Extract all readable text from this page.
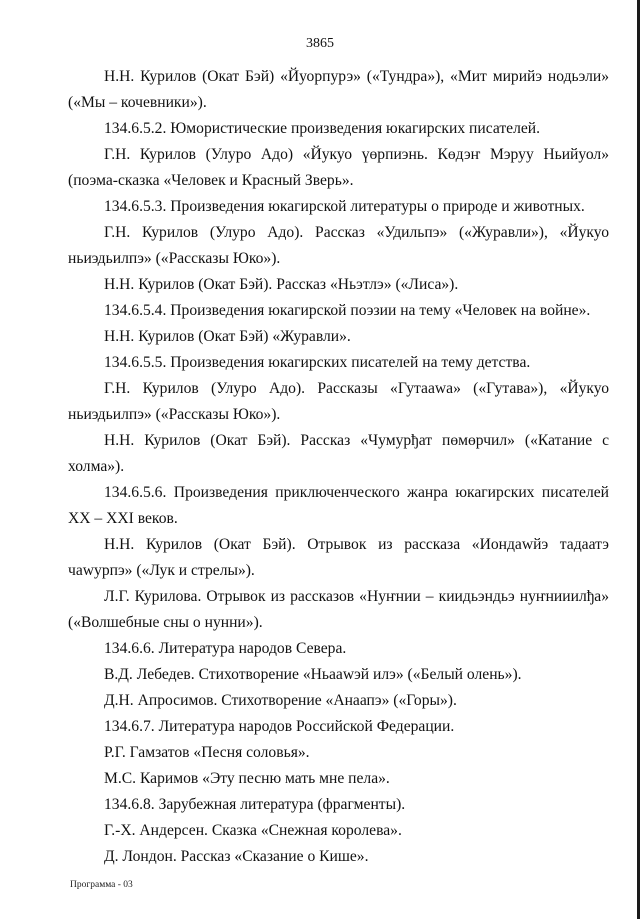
3865

Н.Н. Курилов (Окат Бэй) «Йуорпурэ» («Тундра»), «Мит мирийэ нодьэли» («Мы – кочевники»).

134.6.5.2. Юмористические произведения юкагирских писателей.

Г.Н. Курилов (Улуро Адо) «Йукуо үөрпиэнь. Көдэҥ Мэруу Ньийуол» (поэма-сказка «Человек и Красный Зверь».

134.6.5.3. Произведения юкагирской литературы о природе и животных.

Г.Н. Курилов (Улуро Адо). Рассказ «Удильпэ» («Журавли»), «Йукуо ньиэдьилпэ» («Рассказы Юко»).

Н.Н. Курилов (Окат Бэй). Рассказ «Ньэтлэ» («Лиса»).

134.6.5.4. Произведения юкагирской поэзии на тему «Человек на войне».

Н.Н. Курилов (Окат Бэй) «Журавли».

134.6.5.5. Произведения юкагирских писателей на тему детства.

Г.Н. Курилов (Улуро Адо). Рассказы «Гутаawа» («Гутава»), «Йукуо ньиэдьилпэ» («Рассказы Юко»).

Н.Н. Курилов (Окат Бэй). Рассказ «Чумурђат пөмөрчил» («Катание с холма»).

134.6.5.6. Произведения приключенческого жанра юкагирских писателей XX – XXI веков.

Н.Н. Курилов (Окат Бэй). Отрывок из рассказа «Иондаwйэ тадаатэ чаwурпэ» («Лук и стрелы»).

Л.Г. Курилова. Отрывок из рассказов «Нуҥнии – киидьэндьэ нуҥнииилђа» («Волшебные сны о нунни»).

134.6.6. Литература народов Севера.

В.Д. Лебедев. Стихотворение «Ньааwэй илэ» («Белый олень»).

Д.Н. Апросимов. Стихотворение «Анаапэ» («Горы»).

134.6.7. Литература народов Российской Федерации.

Р.Г. Гамзатов «Песня соловья».

М.С. Каримов «Эту песню мать мне пела».

134.6.8. Зарубежная литература (фрагменты).

Г.-Х. Андерсен. Сказка «Снежная королева».

Д. Лондон. Рассказ «Сказание о Кише».

Программа - 03
